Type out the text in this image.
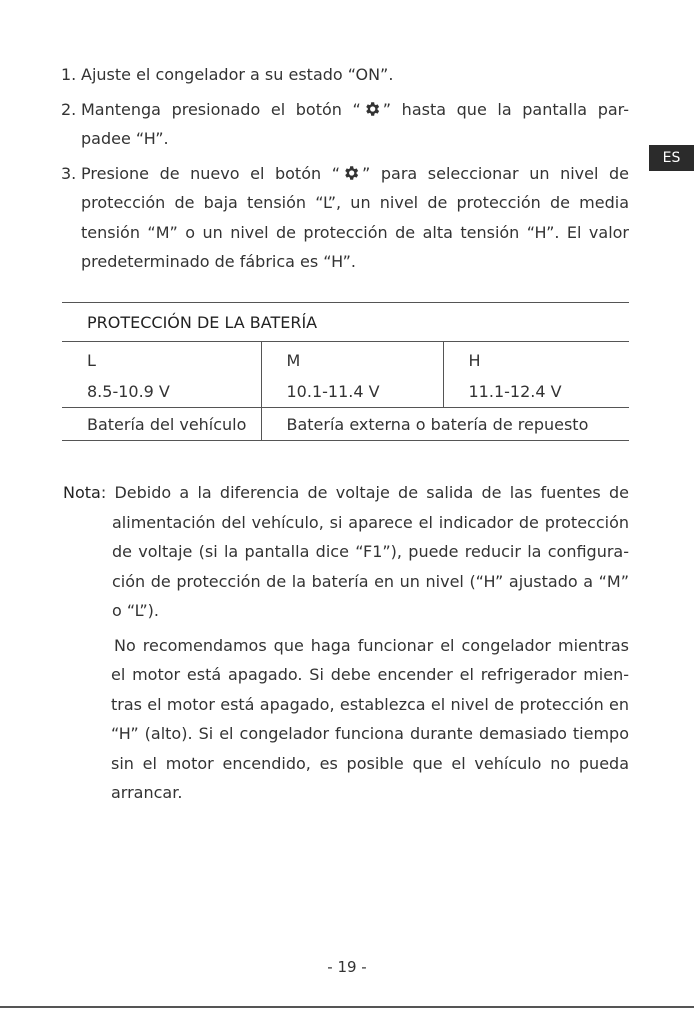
ES
1. Ajuste el congelador a su estado “ON”.
2. Mantenga presionado el botón “ ” hasta que la pantalla par-padee “H”.
3. Presione de nuevo el botón “ ” para seleccionar un nivel de protección de baja tensión “L”, un nivel de protección de media tensión “M” o un nivel de protección de alta tensión “H”. El valor predeterminado de fábrica es “H”.
PROTECCIÓN DE LA BATERÍA		
L	M	H
8.5-10.9 V	10.1-11.4 V	11.1-12.4 V
Batería del vehículo	Batería externa o batería de repuesto	

Nota: Debido a la diferencia de voltaje de salida de las fuentes de alimentación del vehículo, si aparece el indicador de protección de voltaje (si la pantalla dice “F1”), puede reducir la configura-ción de protección de la batería en un nivel (“H” ajustado a “M” o “L”).

No recomendamos que haga funcionar el congelador mientras el motor está apagado. Si debe encender el refrigerador mien-tras el motor está apagado, establezca el nivel de protección en “H” (alto). Si el congelador funciona durante demasiado tiempo sin el motor encendido, es posible que el vehículo no pueda arrancar.

- 19 -
